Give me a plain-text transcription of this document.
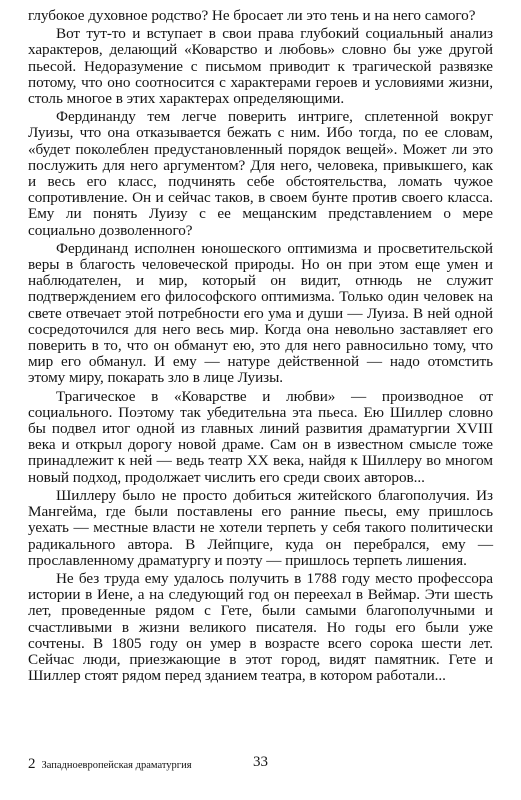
глубокое духовное родство? Не бросает ли это тень и на него самого?

Вот тут-то и вступает в свои права глубокий социальный анализ характеров, делающий «Коварство и любовь» словно бы уже другой пьесой. Недоразумение с письмом приводит к трагической развязке потому, что оно соотносится с характерами героев и условиями жизни, столь многое в этих характерах определяющими.

Фердинанду тем легче поверить интриге, сплетенной вокруг Луизы, что она отказывается бежать с ним. Ибо тогда, по ее словам, «будет поколеблен предустановленный порядок вещей». Может ли это послужить для него аргументом? Для него, человека, привыкшего, как и весь его класс, подчинять себе обстоятельства, ломать чужое сопротивление. Он и сейчас таков, в своем бунте против своего класса. Ему ли понять Луизу с ее мещанским представлением о мере социально дозволенного?

Фердинанд исполнен юношеского оптимизма и просветительской веры в благость человеческой природы. Но он при этом еще умен и наблюдателен, и мир, который он видит, отнюдь не служит подтверждением его философского оптимизма. Только один человек на свете отвечает этой потребности его ума и души — Луиза. В ней одной сосредоточился для него весь мир. Когда она невольно заставляет его поверить в то, что он обманут ею, это для него равносильно тому, что мир его обманул. И ему — натуре действенной — надо отомстить этому миру, покарать зло в лице Луизы.

Трагическое в «Коварстве и любви» — производное от социального. Поэтому так убедительна эта пьеса. Ею Шиллер словно бы подвел итог одной из главных линий развития драматургии XVIII века и открыл дорогу новой драме. Сам он в известном смысле тоже принадлежит к ней — ведь театр XX века, найдя к Шиллеру во многом новый подход, продолжает числить его среди своих авторов...

Шиллеру было не просто добиться житейского благополучия. Из Мангейма, где были поставлены его ранние пьесы, ему пришлось уехать — местные власти не хотели терпеть у себя такого политически радикального автора. В Лейпциге, куда он перебрался, ему — прославленному драматургу и поэту — пришлось терпеть лишения.

Не без труда ему удалось получить в 1788 году место профессора истории в Иене, а на следующий год он переехал в Веймар. Эти шесть лет, проведенные рядом с Гете, были самыми благополучными и счастливыми в жизни великого писателя. Но годы его были уже сочтены. В 1805 году он умер в возрасте всего сорока шести лет. Сейчас люди, приезжающие в этот город, видят памятник. Гете и Шиллер стоят рядом перед зданием театра, в котором работали...

2 Западноевропейская драматургия	33
